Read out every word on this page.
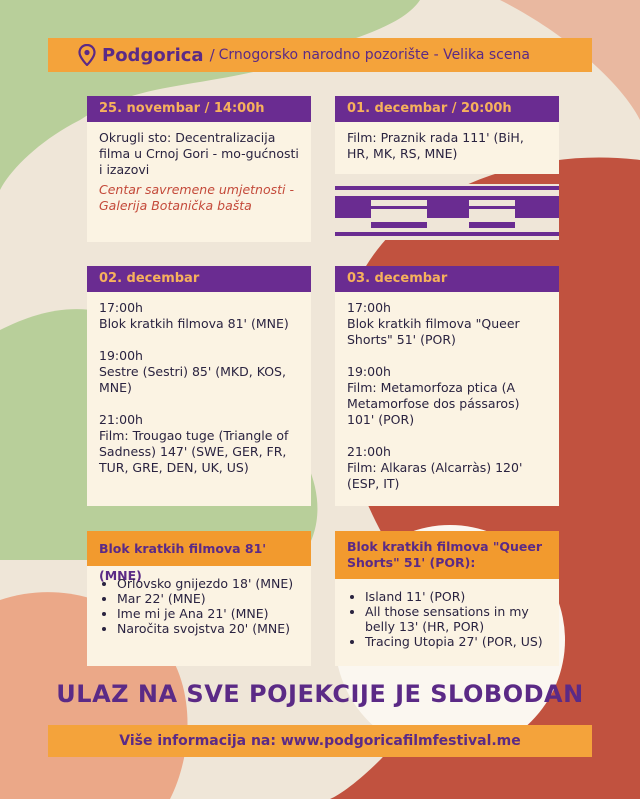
Podgorica / Crnogorsko narodno pozorište - Velika scena
25. novembar / 14:00h
Okrugli sto: Decentralizacija filma u Crnoj Gori - mo-gućnosti i izazovi
Centar savremene umjetnosti - Galerija Botanička bašta
01. decembar / 20:00h
Film: Praznik rada 111' (BiH, HR, MK, RS, MNE)
02. decembar

17:00h
Blok kratkih filmova 81' (MNE)

19:00h
Sestre (Sestri) 85' (MKD, KOS, MNE)

21:00h
Film: Trougao tuge (Triangle of Sadness) 147' (SWE, GER, FR, TUR, GRE, DEN, UK, US)

03. decembar

17:00h
Blok kratkih filmova "Queer Shorts" 51' (POR)

19:00h
Film: Metamorfoza ptica (A Metamorfose dos pássaros) 101' (POR)

21:00h
Film: Alkaras (Alcarràs) 120' (ESP, IT)

Blok kratkih filmova 81' (MNE)
• Orlovsko gnijezdo 18' (MNE)
• Mar 22' (MNE)
• Ime mi je Ana 21' (MNE)
• Naročita svojstva 20' (MNE)
Blok kratkih filmova "Queer Shorts" 51' (POR):
• Island 11' (POR)
• All those sensations in my belly 13' (HR, POR)
• Tracing Utopia 27' (POR, US)
ULAZ NA SVE POJEKCIJE JE SLOBODAN
Više informacija na: www.podgoricafilmfestival.me
